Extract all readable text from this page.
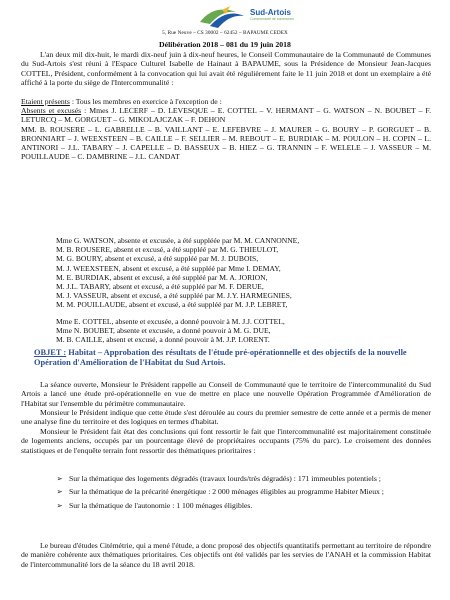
Sud-Artois
Communauté de communes
5, Rue Neuve – CS 30002 – 62452 – BAPAUME CEDEX
Délibération 2018 – 081 du 19 juin 2018
L'an deux mil dix-huit, le mardi dix-neuf juin à dix-neuf heures, le Conseil Communautaire de la Communauté de Communes du Sud-Artois s'est réuni à l'Espace Culturel Isabelle de Hainaut à BAPAUME, sous la Présidence de Monsieur Jean-Jacques COTTEL, Président, conformément à la convocation qui lui avait été régulièrement faite le 11 juin 2018 et dont un exemplaire a été affiché à la porte du siège de l'Intercommunalité :
Etaient présents : Tous les membres en exercice à l'exception de :
Absents et excusés : Mmes J. LECERF – D. LEVESQUE – E. COTTEL – V. HERMANT – G. WATSON – N. BOUBET – F. LETURCQ – M. GORGUET – G. MIKOLAJCZAK – F. DEHON
MM. B. ROUSERE – L. GABRELLE – B. VAILLANT – E. LEFEBVRE – J. MAURER – G. BOURY – P. GORGUET – B. BRONNIART – J. WEEXSTEEN – B. CAILLE – F. SELLIER – M. REBOUT – E. BURDIAK – M. POULON – H. COPIN – L. ANTINORI – J.L. TABARY – J. CAPELLE – D. BASSEUX – B. HIEZ – G. TRANNIN – F. WELELE – J. VASSEUR – M. POUILLAUDE – C. DAMBRINE – J.L. CANDAT
Mme G. WATSON, absente et excusée, a été suppléée par M. M. CANNONNE,
M. B. ROUSERE, absent et excusé, a été suppléé par M. G. THIEULOT,
M. G. BOURY, absent et excusé, a été suppléé par M. J. DUBOIS,
M. J. WEEXSTEEN, absent et excusé, a été suppléé par Mme I. DEMAY,
M. E. BURDIAK, absent et excusé, a été suppléé par M. A. JORION,
M. J.L. TABARY, absent et excusé, a été suppléé par M. F. DERUE,
M. J. VASSEUR, absent et excusé, a été suppléé par M. J.Y. HARMEGNIES,
M. M. POUILLAUDE, absent et excusé, a été suppléé par M. J.P. LEBRET,
Mme E. COTTEL, absente et excusée, a donné pouvoir à M. J.J. COTTEL,
Mme N. BOUBET, absente et excusée, a donné pouvoir à M. G. DUE,
M. B. CAILLE, absent et excusé, a donné pouvoir à M. J.P. LORENT.
OBJET : Habitat – Approbation des résultats de l'étude pré-opérationnelle et des objectifs de la nouvelle Opération d'Amélioration de l'Habitat du Sud Artois.
La séance ouverte, Monsieur le Président rappelle au Conseil de Communauté que le territoire de l'intercommunalité du Sud Artois a lancé une étude pré-opérationnelle en vue de mettre en place une nouvelle Opération Programmée d'Amélioration de l'Habitat sur l'ensemble du périmètre communautaire.
Monsieur le Président indique que cette étude s'est déroulée au cours du premier semestre de cette année et a permis de mener une analyse fine du territoire et des logiques en termes d'habitat.
Monsieur le Président fait état des conclusions qui font ressortir le fait que l'intercommunalité est majoritairement constituée de logements anciens, occupés par un pourcentage élevé de propriétaires occupants (75% du parc). Le croisement des données statistiques et de l'enquête terrain font ressortir des thématiques prioritaires :
➢ Sur la thématique des logements dégradés (travaux lourds/très dégradés) : 171 immeubles potentiels ;
➢ Sur la thématique de la précarité énergétique : 2 000 ménages éligibles au programme Habiter Mieux ;
➢ Sur la thématique de l'autonomie : 1 100 ménages éligibles.
Le bureau d'études Citémétrie, qui a mené l'étude, a donc proposé des objectifs quantitatifs permettant au territoire de répondre de manière cohérente aux thématiques prioritaires. Ces objectifs ont été validés par les servies de l'ANAH et la commission Habitat de l'intercommunalité lors de la séance du 18 avril 2018.
